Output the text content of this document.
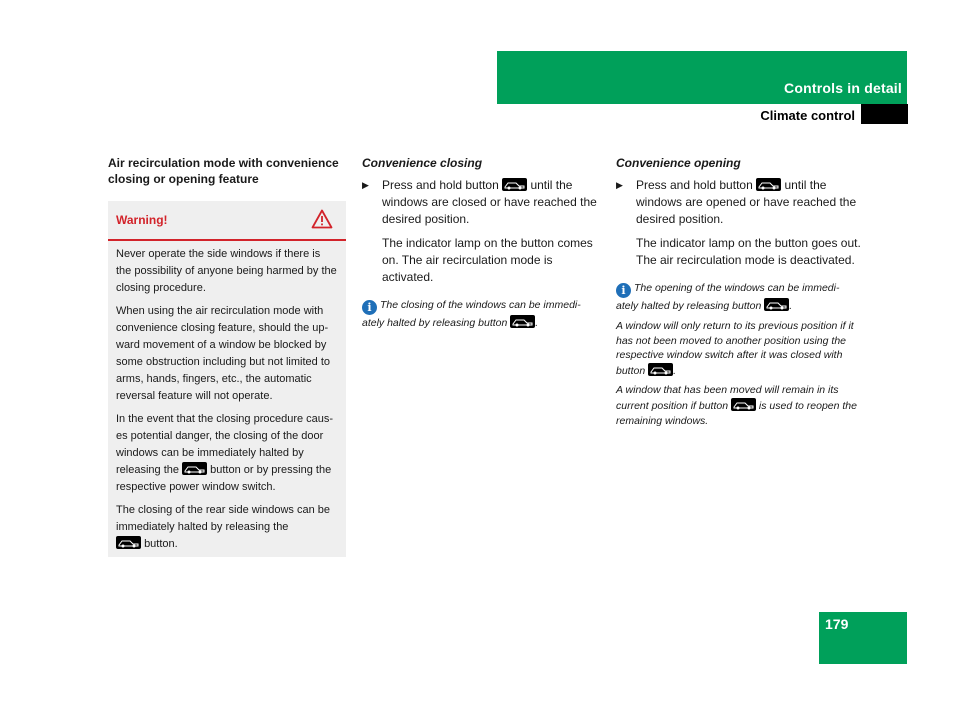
Controls in detail
Climate control

Air recirculation mode with convenience closing or opening feature

Warning!

Never operate the side windows if there is the possibility of anyone being harmed by the closing procedure.

When using the air recirculation mode with convenience closing feature, should the up-ward movement of a window be blocked by some obstruction including but not limited to arms, hands, fingers, etc., the automatic reversal feature will not operate.

In the event that the closing procedure caus-es potential danger, the closing of the door windows can be immediately halted by releasing the	button or by pressing the respective power window switch.

The closing of the rear side windows can be immediately halted by releasing the

button.

Convenience closing

▶ Press and hold button	until the windows are closed or have reached the desired position.

The indicator lamp on the button comes on. The air recirculation mode is activated.

i The closing of the windows can be immedi-ately halted by releasing button	.

Convenience opening

▶ Press and hold button	until the windows are opened or have reached the desired position.

The indicator lamp on the button goes out. The air recirculation mode is deactivated.

i The opening of the windows can be immedi-ately halted by releasing button	.

A window will only return to its previous position if it has not been moved to another position using the respective window switch after it was closed with button	.

A window that has been moved will remain in its current position if button	is used to reopen the remaining windows.

179
